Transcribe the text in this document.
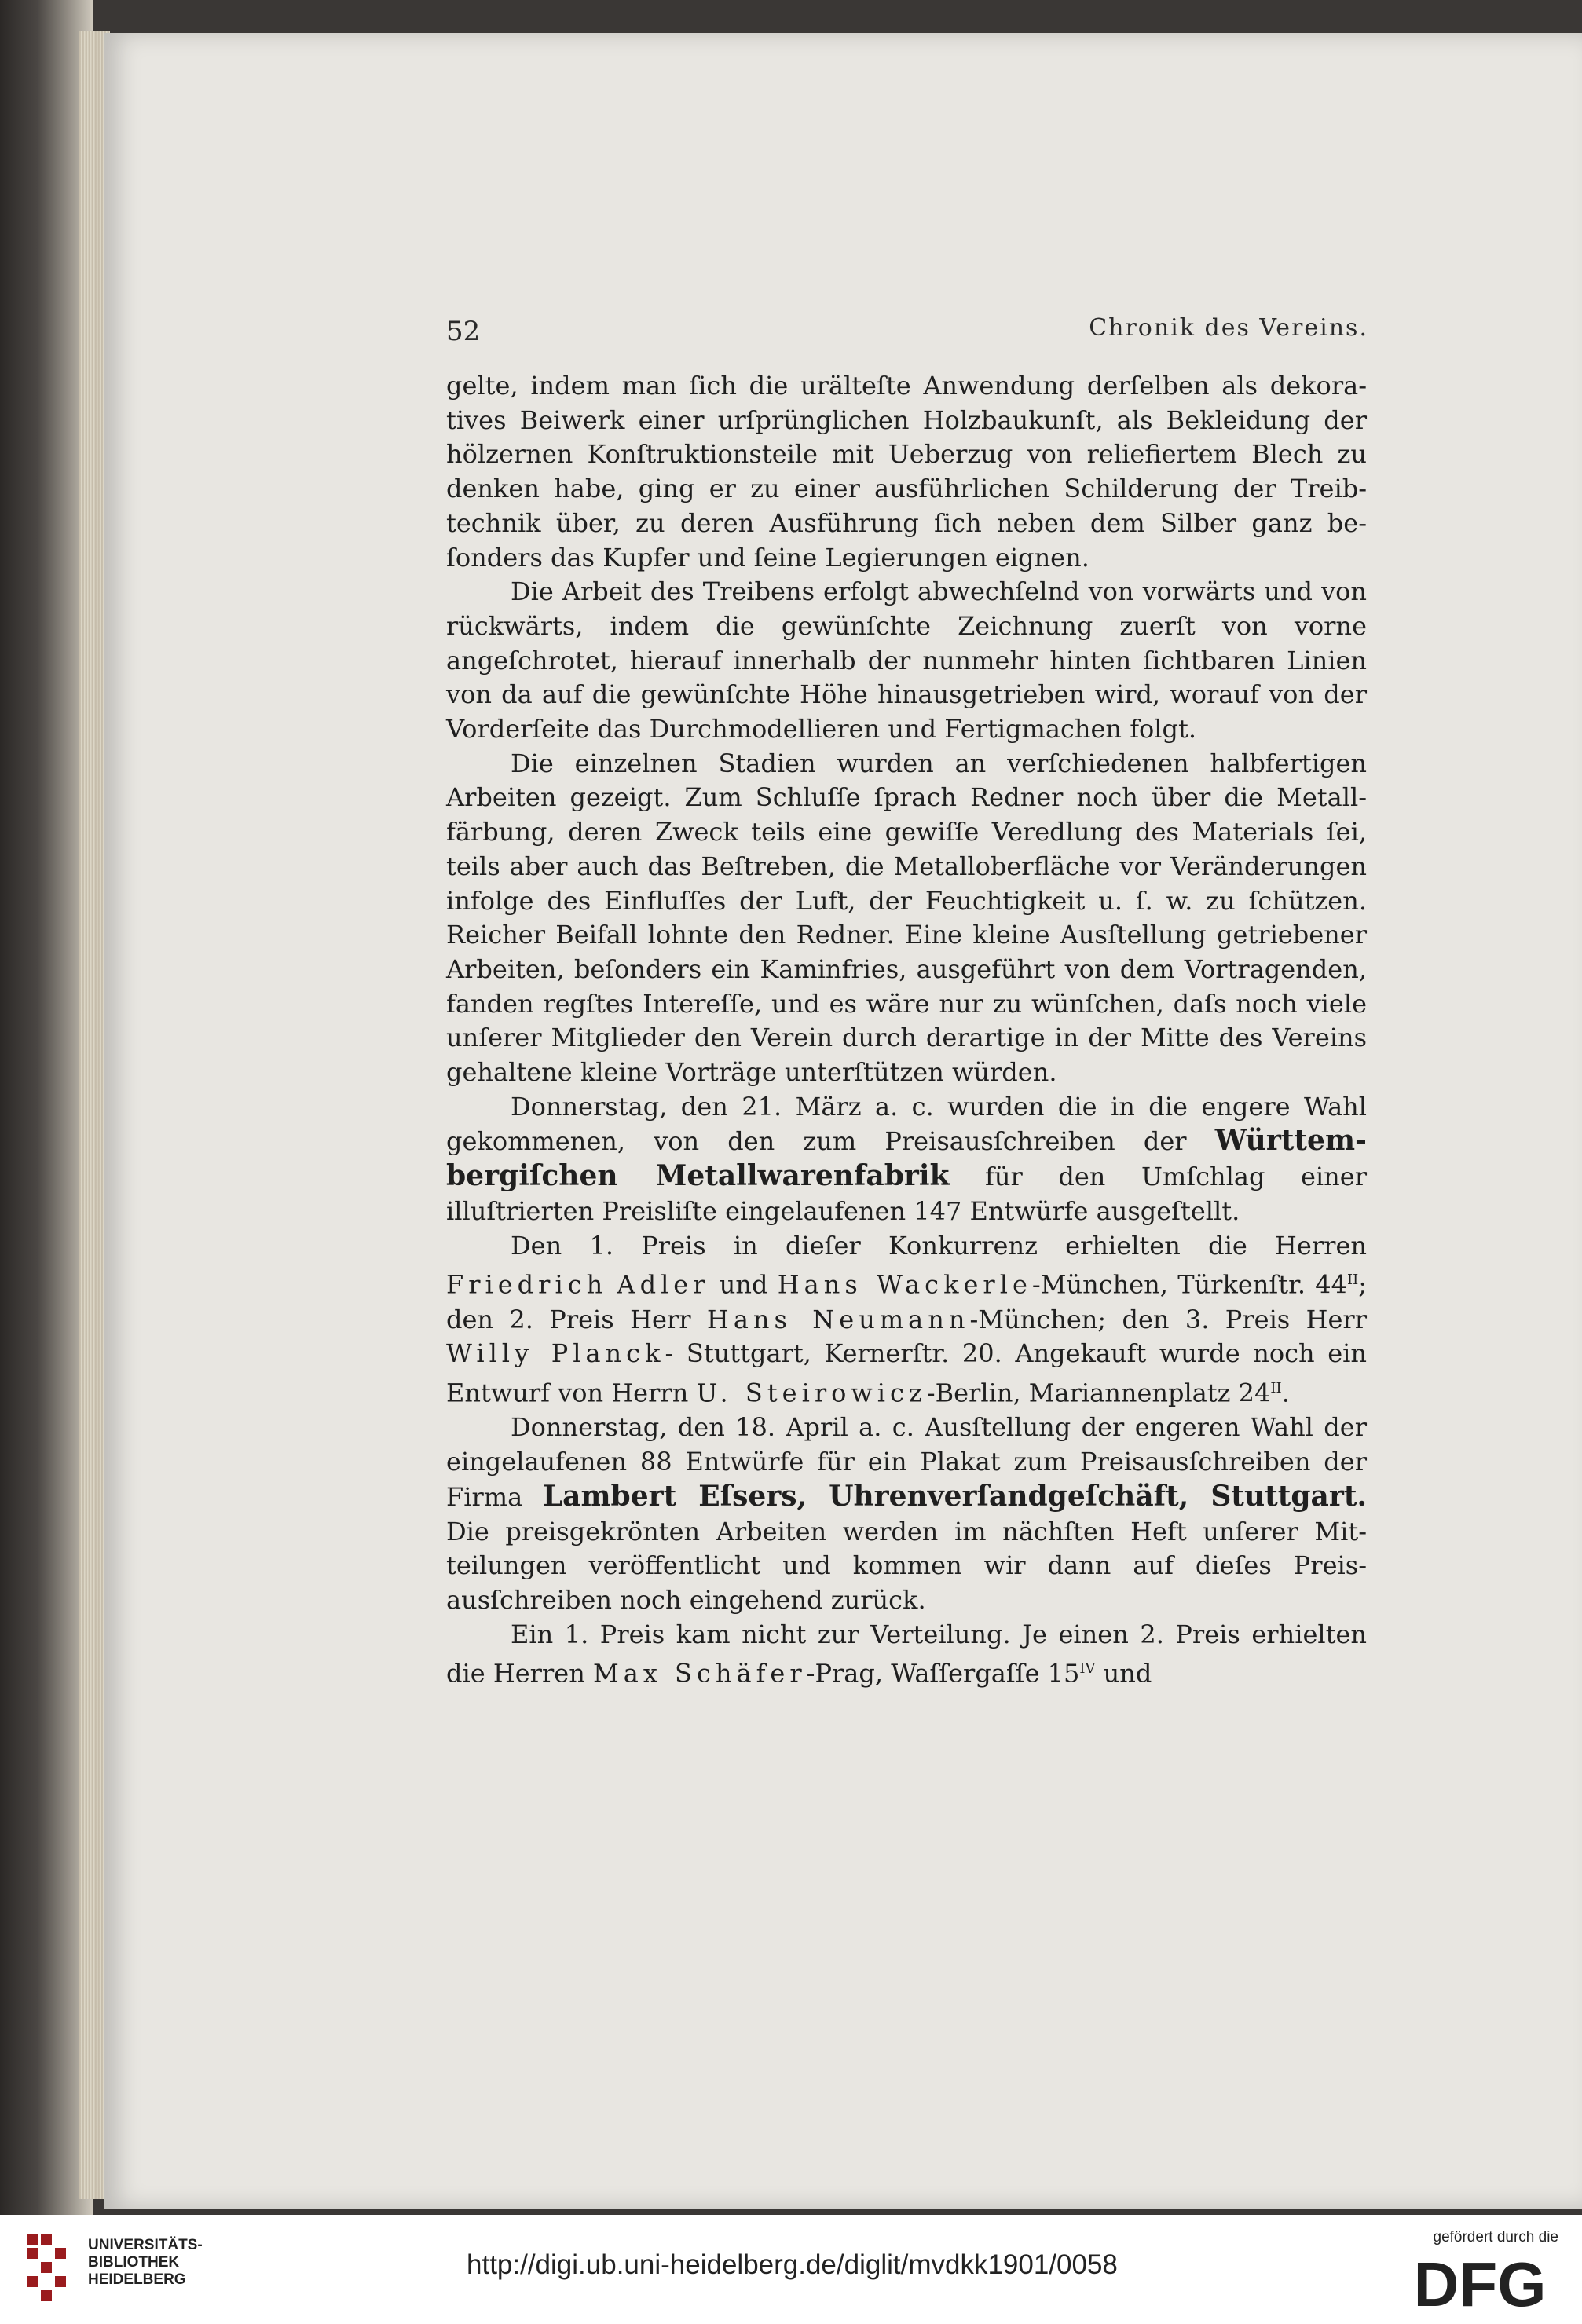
52	Chronik des Vereins.

gelte, indem man ſich die urälteſte Anwendung derſelben als dekora- tives Beiwerk einer urſprünglichen Holzbaukunſt, als Bekleidung der hölzernen Konſtruktionsteile mit Ueberzug von reliefiertem Blech zu denken habe, ging er zu einer ausführlichen Schilderung der Treib- technik über, zu deren Ausführung ſich neben dem Silber ganz be- ſonders das Kupfer und ſeine Legierungen eignen.

Die Arbeit des Treibens erfolgt abwechſelnd von vorwärts und von rückwärts, indem die gewünſchte Zeichnung zuerſt von vorne angeſchrotet, hierauf innerhalb der nunmehr hinten ſichtbaren Linien von da auf die gewünſchte Höhe hinausgetrieben wird, worauf von der Vorderſeite das Durchmodellieren und Fertigmachen folgt.

Die einzelnen Stadien wurden an verſchiedenen halbfertigen Arbeiten gezeigt. Zum Schluſſe ſprach Redner noch über die Metall- färbung, deren Zweck teils eine gewiſſe Veredlung des Materials ſei, teils aber auch das Beſtreben, die Metalloberfläche vor Veränderungen infolge des Einfluſſes der Luft, der Feuchtigkeit u. ſ. w. zu ſchützen. Reicher Beifall lohnte den Redner. Eine kleine Ausſtellung getriebener Arbeiten, beſonders ein Kaminfries, ausgeführt von dem Vortragenden, fanden regſtes Intereſſe, und es wäre nur zu wünſchen, daſs noch viele unſerer Mitglieder den Verein durch derartige in der Mitte des Vereins gehaltene kleine Vorträge unterſtützen würden.

Donnerstag, den 21. März a. c. wurden die in die engere Wahl gekommenen, von den zum Preisausſchreiben der Württem- bergiſchen Metallwarenfabrik für den Umſchlag einer illuſtrierten Preisliſte eingelaufenen 147 Entwürfe ausgeſtellt.

Den 1. Preis in dieſer Konkurrenz erhielten die Herren Friedrich Adler und Hans Wackerle-München, Türkenſtr. $44^{II}$; den 2. Preis Herr Hans Neumann-München; den 3. Preis Herr Willy Planck- Stuttgart, Kernerſtr. 20. Angekauft wurde noch ein Entwurf von Herrn U. Steirowicz-Berlin, Mariannenplatz $24^{II}$.

Donnerstag, den 18. April a. c. Ausſtellung der engeren Wahl der eingelaufenen 88 Entwürfe für ein Plakat zum Preisausſchreiben der Firma Lambert Eſsers, Uhrenverſandgeſchäft, Stuttgart. Die preisgekrönten Arbeiten werden im nächſten Heft unſerer Mit- teilungen veröffentlicht und kommen wir dann auf dieſes Preis- ausſchreiben noch eingehend zurück.

Ein 1. Preis kam nicht zur Verteilung. Je einen 2. Preis erhielten die Herren Max Schäfer-Prag, Waſſergaſſe $15^{IV}$ und

UNIVERSITÄTS-
BIBLIOTHEK
HEIDELBERG	http://digi.ub.uni-heidelberg.de/diglit/mvdkk1901/0058
gefördert durch die
DFG
